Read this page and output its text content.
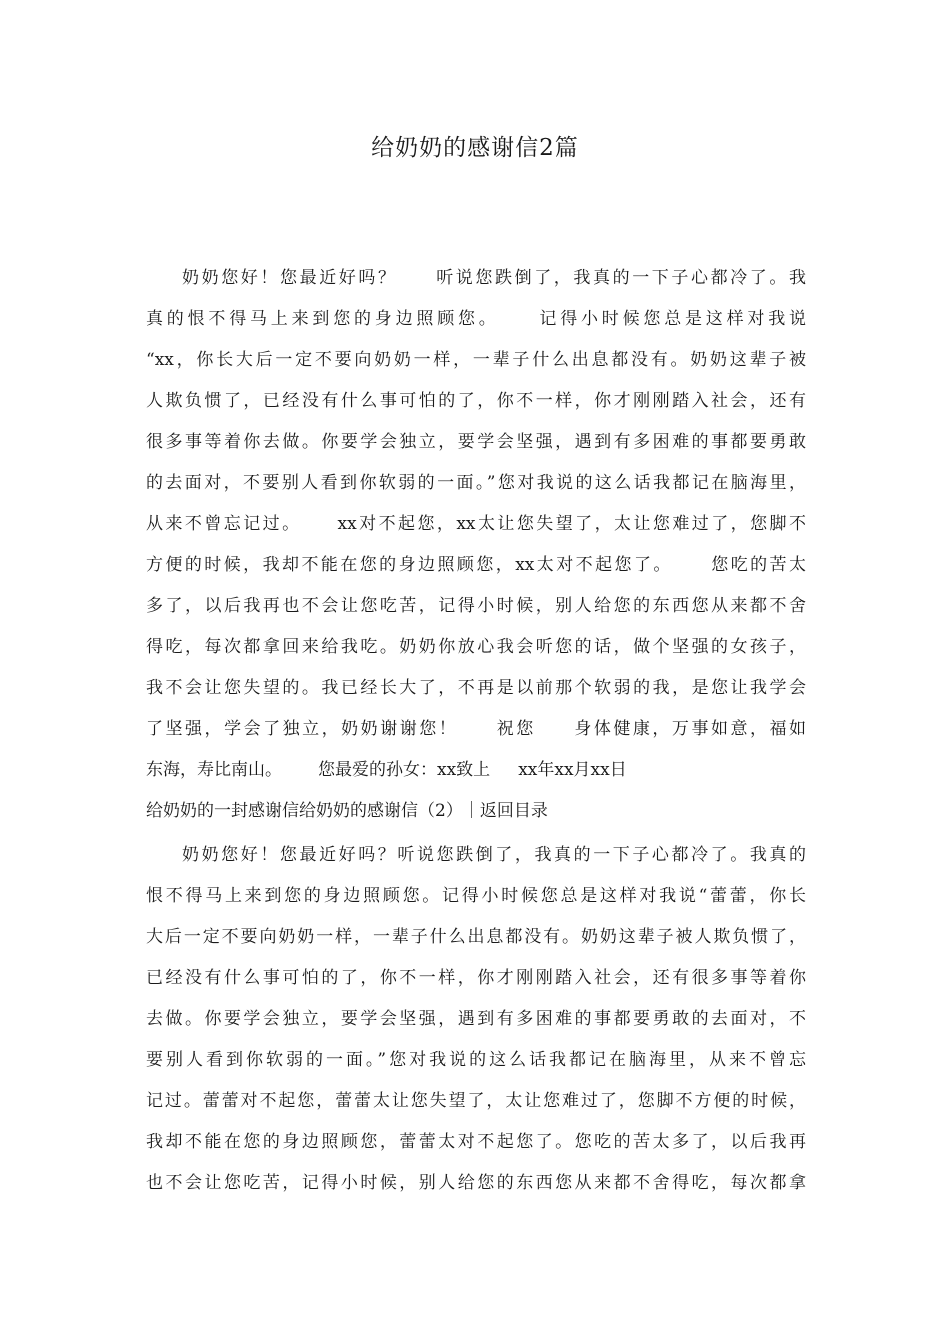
给奶奶的感谢信2篇
奶奶您好！您最近好吗？ 听说您跌倒了，我真的一下子心都冷了。我
真的恨不得马上来到您的身边照顾您。 记得小时候您总是这样对我说
“xx，你长大后一定不要向奶奶一样，一辈子什么出息都没有。奶奶这辈子被
人欺负惯了，已经没有什么事可怕的了，你不一样，你才刚刚踏入社会，还有
很多事等着你去做。你要学会独立，要学会坚强，遇到有多困难的事都要勇敢
的去面对，不要别人看到你软弱的一面。”您对我说的这么话我都记在脑海里，
从来不曾忘记过。 xx对不起您，xx太让您失望了，太让您难过了，您脚不
方便的时候，我却不能在您的身边照顾您，xx太对不起您了。 您吃的苦太
多了，以后我再也不会让您吃苦，记得小时候，别人给您的东西您从来都不舍
得吃，每次都拿回来给我吃。奶奶你放心我会听您的话，做个坚强的女孩子，
我不会让您失望的。我已经长大了，不再是以前那个软弱的我，是您让我学会
了坚强，学会了独立，奶奶谢谢您！ 祝您 身体健康，万事如意，福如
东海，寿比南山。 您最爱的孙女：xx致上 xx年xx月xx日
给奶奶的一封感谢信给奶奶的感谢信（2）｜返回目录
奶奶您好！您最近好吗？听说您跌倒了，我真的一下子心都冷了。我真的
恨不得马上来到您的身边照顾您。记得小时候您总是这样对我说“蕾蕾，你长
大后一定不要向奶奶一样，一辈子什么出息都没有。奶奶这辈子被人欺负惯了，
已经没有什么事可怕的了，你不一样，你才刚刚踏入社会，还有很多事等着你
去做。你要学会独立，要学会坚强，遇到有多困难的事都要勇敢的去面对，不
要别人看到你软弱的一面。”您对我说的这么话我都记在脑海里，从来不曾忘
记过。蕾蕾对不起您，蕾蕾太让您失望了，太让您难过了，您脚不方便的时候，
我却不能在您的身边照顾您，蕾蕾太对不起您了。您吃的苦太多了，以后我再
也不会让您吃苦，记得小时候，别人给您的东西您从来都不舍得吃，每次都拿
